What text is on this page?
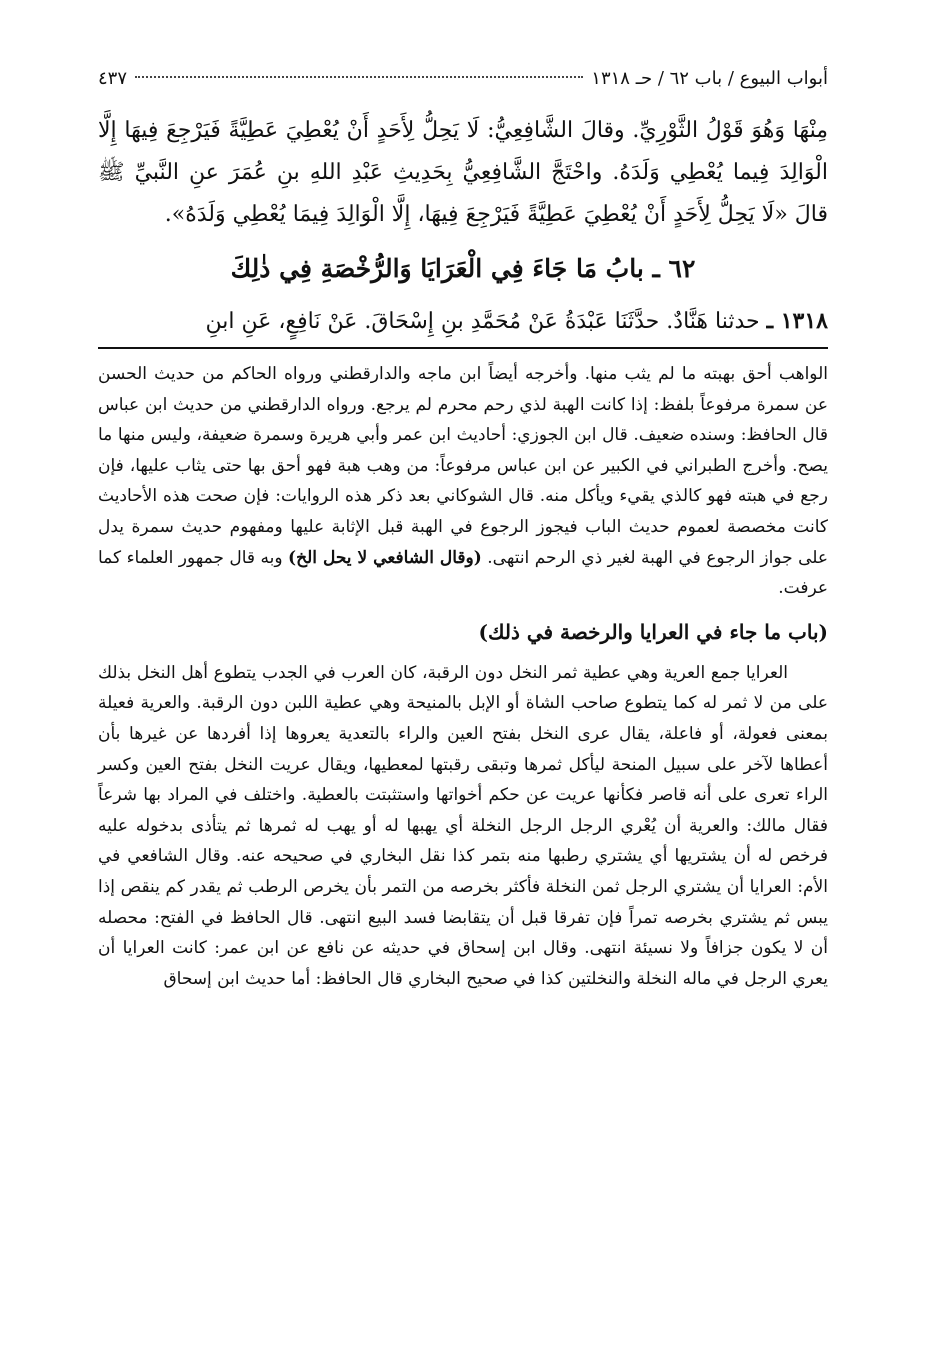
أبواب البيوع / باب ٦٢ / حـ ١٣١٨
٤٣٧

مِنْهَا وَهُوَ قَوْلُ الثَّوْرِيِّ. وقالَ الشَّافِعِيُّ: لَا يَحِلُّ لِأَحَدٍ أَنْ يُعْطِيَ عَطِيَّةً فَيَرْجِعَ فِيهَا إِلَّا الْوَالِدَ فِيما يُعْطِي وَلَدَهُ. واحْتَجَّ الشَّافِعِيُّ بِحَدِيثِ عَبْدِ اللهِ بنِ عُمَرَ عنِ النَّبيِّ ﷺ قالَ «لَا يَحِلُّ لِأَحَدٍ أَنْ يُعْطِيَ عَطِيَّةً فَيَرْجِعَ فِيهَا، إِلَّا الْوَالِدَ فِيمَا يُعْطِي وَلَدَهُ».

٦٢ ـ بابُ مَا جَاءَ فِي الْعَرَايَا وَالرُّخْصَةِ فِي ذٰلِكَ
١٣١٨ ـ حدثنا هَنَّادٌ. حدَّثَنَا عَبْدَةُ عَنْ مُحَمَّدِ بنِ إِسْحَاقَ. عَنْ نَافِعٍ، عَنِ ابنِ

الواهب أحق بهبته ما لم يثب منها. وأخرجه أيضاً ابن ماجه والدارقطني ورواه الحاكم من حديث الحسن عن سمرة مرفوعاً بلفظ: إذا كانت الهبة لذي رحم محرم لم يرجع. ورواه الدارقطني من حديث ابن عباس قال الحافظ: وسنده ضعيف. قال ابن الجوزي: أحاديث ابن عمر وأبي هريرة وسمرة ضعيفة، وليس منها ما يصح. وأخرج الطبراني في الكبير عن ابن عباس مرفوعاً: من وهب هبة فهو أحق بها حتى يثاب عليها، فإن رجع في هبته فهو كالذي يقيء ويأكل منه. قال الشوكاني بعد ذكر هذه الروايات: فإن صحت هذه الأحاديث كانت مخصصة لعموم حديث الباب فيجوز الرجوع في الهبة قبل الإثابة عليها ومفهوم حديث سمرة يدل على جواز الرجوع في الهبة لغير ذي الرحم انتهى. (وقال الشافعي لا يحل الخ) وبه قال جمهور العلماء كما عرفت.

(باب ما جاء في العرايا والرخصة في ذلك)

العرايا جمع العرية وهي عطية ثمر النخل دون الرقبة، كان العرب في الجدب يتطوع أهل النخل بذلك على من لا ثمر له كما يتطوع صاحب الشاة أو الإبل بالمنيحة وهي عطية اللبن دون الرقبة. والعرية فعيلة بمعنى فعولة، أو فاعلة، يقال عرى النخل بفتح العين والراء بالتعدية يعروها إذا أفردها عن غيرها بأن أعطاها لآخر على سبيل المنحة ليأكل ثمرها وتبقى رقبتها لمعطيها، ويقال عريت النخل بفتح العين وكسر الراء تعرى على أنه قاصر فكأنها عريت عن حكم أخواتها واستثبتت بالعطية. واختلف في المراد بها شرعاً فقال مالك: والعرية أن يُعْري الرجل الرجل النخلة أي يهبها له أو يهب له ثمرها ثم يتأذى بدخوله عليه فرخص له أن يشتريها أي يشتري رطبها منه بتمر كذا نقل البخاري في صحيحه عنه. وقال الشافعي في الأم: العرايا أن يشتري الرجل ثمن النخلة فأكثر بخرصه من التمر بأن يخرص الرطب ثم يقدر كم ينقص إذا يبس ثم يشتري بخرصه تمراً فإن تفرقا قبل أن يتقابضا فسد البيع انتهى. قال الحافظ في الفتح: محصله أن لا يكون جزافاً ولا نسيئة انتهى. وقال ابن إسحاق في حديثه عن نافع عن ابن عمر: كانت العرايا أن يعري الرجل في ماله النخلة والنخلتين كذا في صحيح البخاري قال الحافظ: أما حديث ابن إسحاق
